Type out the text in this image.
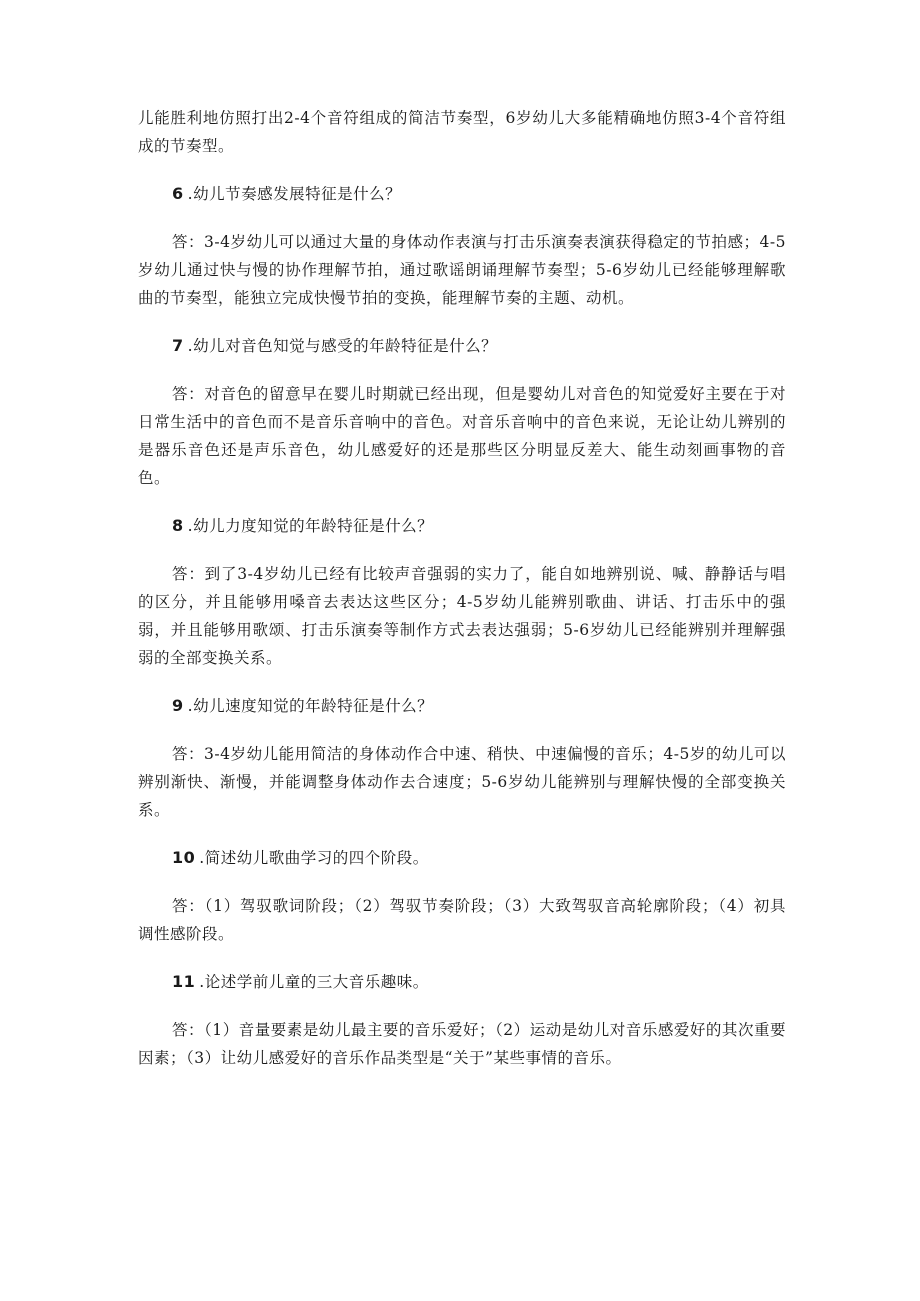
儿能胜利地仿照打出2-4个音符组成的简洁节奏型，6岁幼儿大多能精确地仿照3-4个音符组成的节奏型。

6 .幼儿节奏感发展特征是什么？

答：3-4岁幼儿可以通过大量的身体动作表演与打击乐演奏表演获得稳定的节拍感；4-5岁幼儿通过快与慢的协作理解节拍，通过歌谣朗诵理解节奏型；5-6岁幼儿已经能够理解歌曲的节奏型，能独立完成快慢节拍的变换，能理解节奏的主题、动机。

7 .幼儿对音色知觉与感受的年龄特征是什么？

答：对音色的留意早在婴儿时期就已经出现，但是婴幼儿对音色的知觉爱好主要在于对日常生活中的音色而不是音乐音响中的音色。对音乐音响中的音色来说，无论让幼儿辨别的是器乐音色还是声乐音色，幼儿感爱好的还是那些区分明显反差大、能生动刻画事物的音色。

8 .幼儿力度知觉的年龄特征是什么？

答：到了3-4岁幼儿已经有比较声音强弱的实力了，能自如地辨别说、喊、静静话与唱的区分，并且能够用嗓音去表达这些区分；4-5岁幼儿能辨别歌曲、讲话、打击乐中的强弱，并且能够用歌颂、打击乐演奏等制作方式去表达强弱；5-6岁幼儿已经能辨别并理解强弱的全部变换关系。

9 .幼儿速度知觉的年龄特征是什么？

答：3-4岁幼儿能用简洁的身体动作合中速、稍快、中速偏慢的音乐；4-5岁的幼儿可以辨别渐快、渐慢，并能调整身体动作去合速度；5-6岁幼儿能辨别与理解快慢的全部变换关系。

10 .简述幼儿歌曲学习的四个阶段。

答：（1）驾驭歌词阶段；（2）驾驭节奏阶段；（3）大致驾驭音高轮廓阶段；（4）初具调性感阶段。

11 .论述学前儿童的三大音乐趣味。

答：（1）音量要素是幼儿最主要的音乐爱好；（2）运动是幼儿对音乐感爱好的其次重要因素；（3）让幼儿感爱好的音乐作品类型是“关于”某些事情的音乐。
